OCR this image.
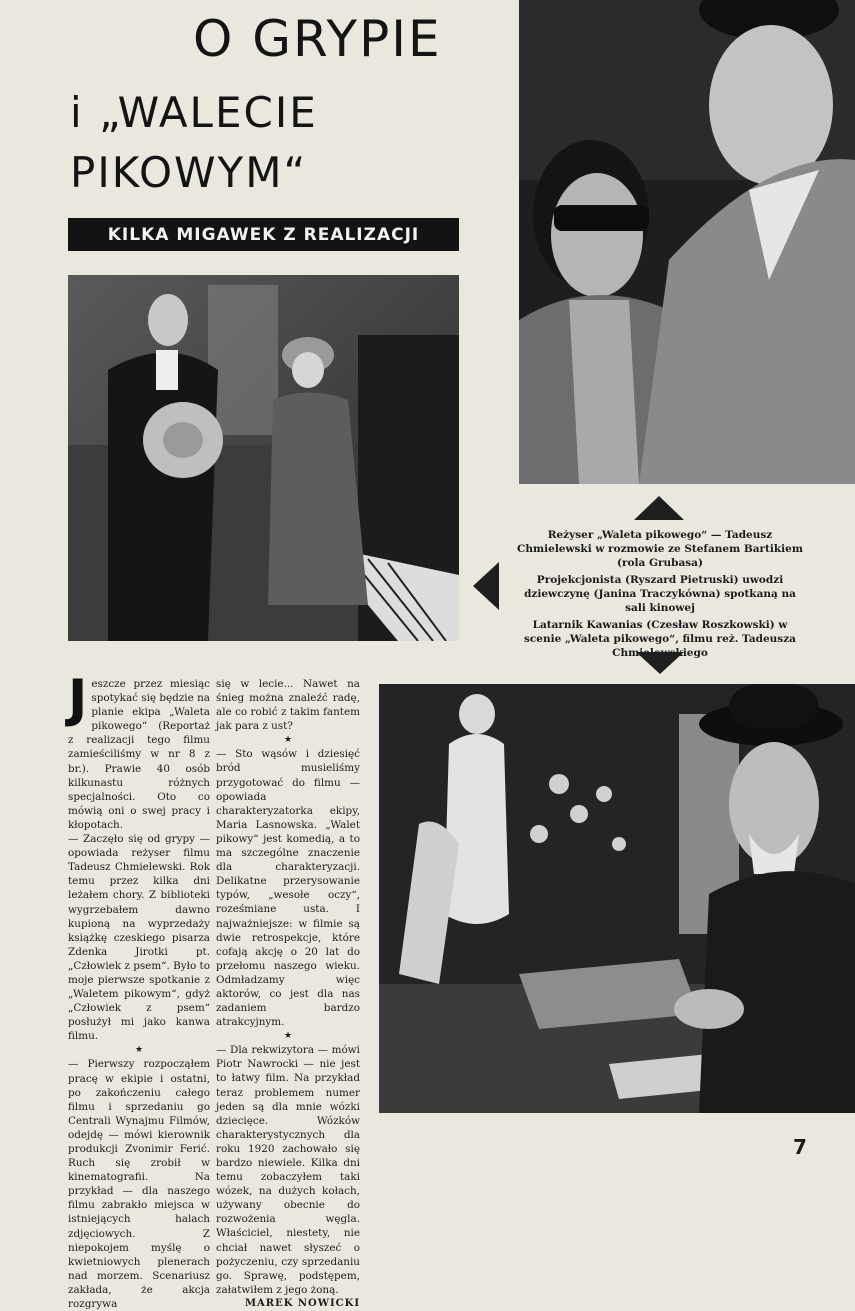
O GRYPIE
i „WALECIE
PIKOWYM“
KILKA MIGAWEK Z REALIZACJI
Reżyser „Waleta pikowego“ — Tadeusz Chmielewski w rozmowie ze Stefanem Bartikiem (rola Grubasa)
Projekcjonista (Ryszard Pietruski) uwodzi dziewczynę (Janina Traczykówna) spotkaną na sali kinowej
Latarnik Kawanias (Czesław Roszkowski) w scenie „Waleta pikowego“, filmu reż. Tadeusza Chmielewskiego
J eszcze przez miesiąc spotykać się będzie na planie ekipa „Waleta pikowego“ (Reportaż z realizacji tego filmu zamieściliśmy w nr 8 z br.). Prawie 40 osób kilkunastu różnych specjalności. Oto co mówią oni o swej pracy i kłopotach.

— Zaczęło się od grypy — opowiada reżyser filmu Tadeusz Chmielewski. Rok temu przez kilka dni leżałem chory. Z biblioteki wygrzebałem dawno kupioną na wyprzedaży książkę czeskiego pisarza Zdenka Jirotki pt. „Człowiek z psem“. Było to moje pierwsze spotkanie z „Waletem pikowym“, gdyż „Człowiek z psem“ posłużył mi jako kanwa filmu.

★

— Pierwszy rozpocząłem pracę w ekipie i ostatni, po zakończeniu całego filmu i sprzedaniu go Centrali Wynajmu Filmów, odejdę — mówi kierownik produkcji Zvonimir Ferić. Ruch się zrobił w kinematografii. Na przykład — dla naszego filmu zabrakło miejsca w istniejących halach zdjęciowych. Z niepokojem myślę o kwietniowych plenerach nad morzem. Scenariusz zakłada, że akcja rozgrywa

się w lecie... Nawet na śnieg można znaleźć radę, ale co robić z takim fantem jak para z ust?

★

— Sto wąsów i dziesięć bród musieliśmy przygotować do filmu — opowiada charakteryzatorka ekipy, Maria Lasnowska. „Walet pikowy“ jest komedią, a to ma szczególne znaczenie dla charakteryzacji. Delikatne przerysowanie typów, „wesołe oczy“, roześmiane usta. I najważniejsze: w filmie są dwie retrospekcje, które cofają akcję o 20 lat do przełomu naszego wieku. Odmładzamy więc aktorów, co jest dla nas zadaniem bardzo atrakcyjnym.

★

— Dla rekwizytora — mówi Piotr Nawrocki — nie jest to łatwy film. Na przykład teraz problemem numer jeden są dla mnie wózki dziecięce. Wózków charakterystycznych dla roku 1920 zachowało się bardzo niewiele. Kilka dni temu zobaczyłem taki wózek, na dużych kołach, używany obecnie do rozwożenia węgla. Właściciel, niestety, nie chciał nawet słyszeć o pożyczeniu, czy sprzedaniu go. Sprawę, podstępem, załatwiłem z jego żoną.

MAREK NOWICKI
7
